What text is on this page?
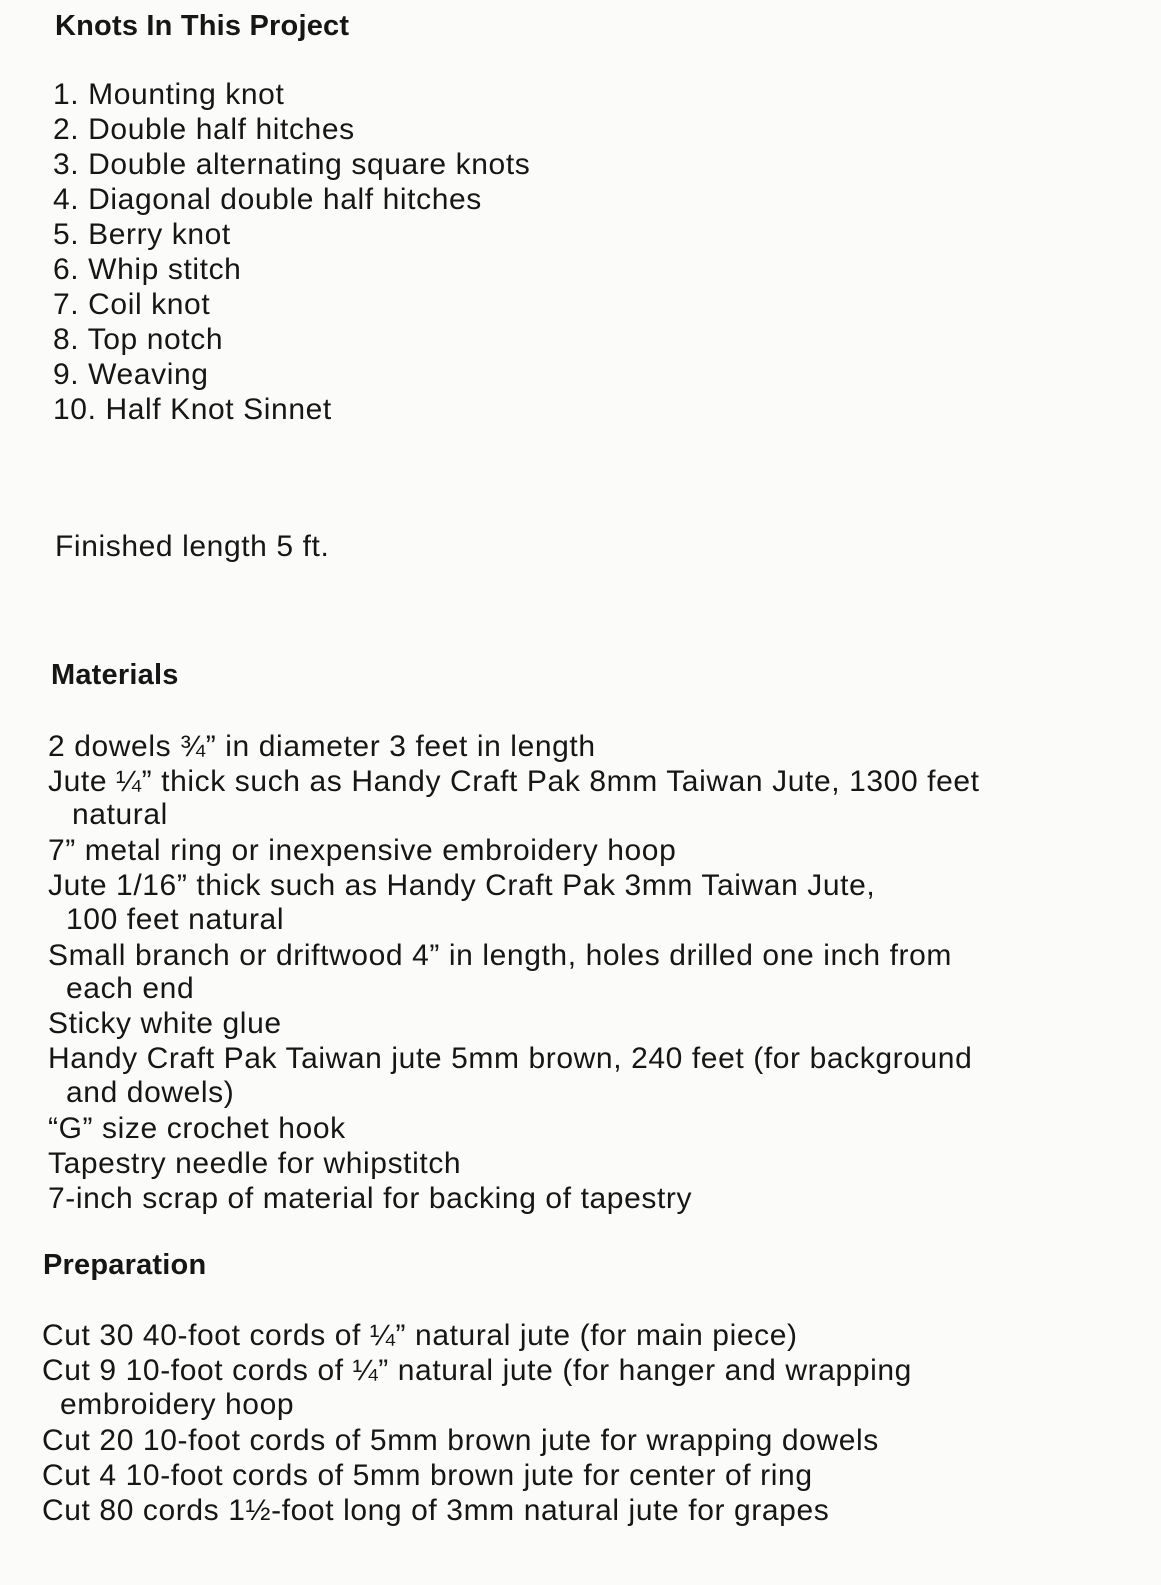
Knots In This Project
1. Mounting knot
2. Double half hitches
3. Double alternating square knots
4. Diagonal double half hitches
5. Berry knot
6. Whip stitch
7. Coil knot
8. Top notch
9. Weaving
10. Half Knot Sinnet
Finished length 5 ft.
Materials
2 dowels ¾” in diameter 3 feet in length
Jute ¼” thick such as Handy Craft Pak 8mm Taiwan Jute, 1300 feet
natural
7” metal ring or inexpensive embroidery hoop
Jute 1/16” thick such as Handy Craft Pak 3mm Taiwan Jute,
100 feet natural
Small branch or driftwood 4” in length, holes drilled one inch from
each end
Sticky white glue
Handy Craft Pak Taiwan jute 5mm brown, 240 feet (for background
and dowels)
“G” size crochet hook
Tapestry needle for whipstitch
7-inch scrap of material for backing of tapestry
Preparation
Cut 30 40-foot cords of ¼” natural jute (for main piece)
Cut 9 10-foot cords of ¼” natural jute (for hanger and wrapping
embroidery hoop
Cut 20 10-foot cords of 5mm brown jute for wrapping dowels
Cut 4 10-foot cords of 5mm brown jute for center of ring
Cut 80 cords 1½-foot long of 3mm natural jute for grapes
